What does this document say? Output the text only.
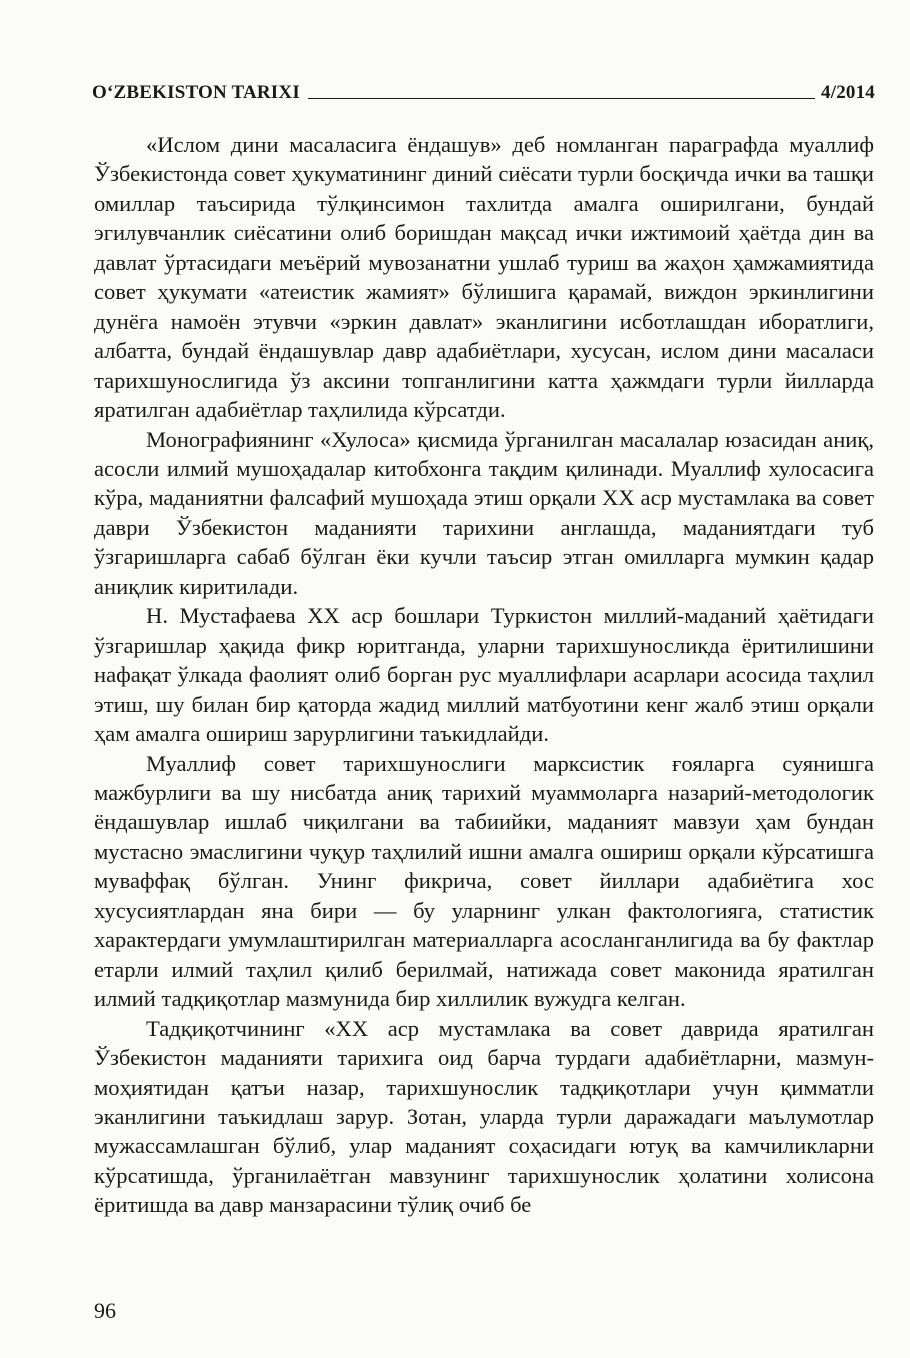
O‘ZBEKISTON TARIXI	4/2014

«Ислом дини масаласига ёндашув» деб номланган параграфда муаллиф Ўзбекистонда совет ҳукуматининг диний сиёсати турли босқичда ички ва ташқи омиллар таъсирида тўлқинсимон тахлитда амалга оширилгани, бундай эгилувчанлик сиёсатини олиб боришдан мақсад ички ижтимоий ҳаётда дин ва давлат ўртасидаги меъёрий мувозанатни ушлаб туриш ва жаҳон ҳамжамиятида совет ҳукумати «атеистик жамият» бўлишига қарамай, виждон эркинлигини дунёга намоён этувчи «эркин давлат» эканлигини исботлашдан иборатлиги, албатта, бундай ёндашувлар давр адабиётлари, хусусан, ислом дини масаласи тарихшунослигида ўз аксини топганлигини катта ҳажмдаги турли йилларда яратилган адабиётлар таҳлилида кўрсатди.

Монографиянинг «Хулоса» қисмида ўрганилган масалалар юзасидан аниқ, асосли илмий мушоҳадалар китобхонга тақдим қилинади. Муаллиф хулосасига кўра, маданиятни фалсафий мушоҳада этиш орқали XX аср мустамлака ва совет даври Ўзбекистон маданияти тарихини англашда, маданиятдаги туб ўзгаришларга сабаб бўлган ёки кучли таъсир этган омилларга мумкин қадар аниқлик киритилади.

Н. Мустафаева XX аср бошлари Туркистон миллий-маданий ҳаётидаги ўзгаришлар ҳақида фикр юритганда, уларни тарихшуносликда ёритилишини нафақат ўлкада фаолият олиб борган рус муаллифлари асарлари асосида таҳлил этиш, шу билан бир қаторда жадид миллий матбуотини кенг жалб этиш орқали ҳам амалга ошириш зарурлигини таъкидлайди.

Муаллиф совет тарихшунослиги марксистик ғояларга суянишга мажбурлиги ва шу нисбатда аниқ тарихий муаммоларга назарий-методологик ёндашувлар ишлаб чиқилгани ва табиийки, маданият мавзуи ҳам бундан мустасно эмаслигини чуқур таҳлилий ишни амалга ошириш орқали кўрсатишга муваффақ бўлган. Унинг фикрича, совет йиллари адабиётига хос хусусиятлардан яна бири — бу уларнинг улкан фактологияга, статистик характердаги умумлаштирилган материалларга асосланганлигида ва бу фактлар етарли илмий таҳлил қилиб берилмай, натижада совет маконида яратилган илмий тадқиқотлар мазмунида бир хиллилик вужудга келган.

Тадқиқотчининг «XX аср мустамлака ва совет даврида яратилган Ўзбекистон маданияти тарихига оид барча турдаги адабиётларни, мазмун-моҳиятидан қатъи назар, тарихшунослик тадқиқотлари учун қимматли эканлигини таъкидлаш зарур. Зотан, уларда турли даражадаги маълумотлар мужассамлашган бўлиб, улар маданият соҳасидаги ютуқ ва камчиликларни кўрсатишда, ўрганилаётган мавзунинг тарихшунослик ҳолатини холисона ёритишда ва давр манзарасини тўлиқ очиб бе

96
